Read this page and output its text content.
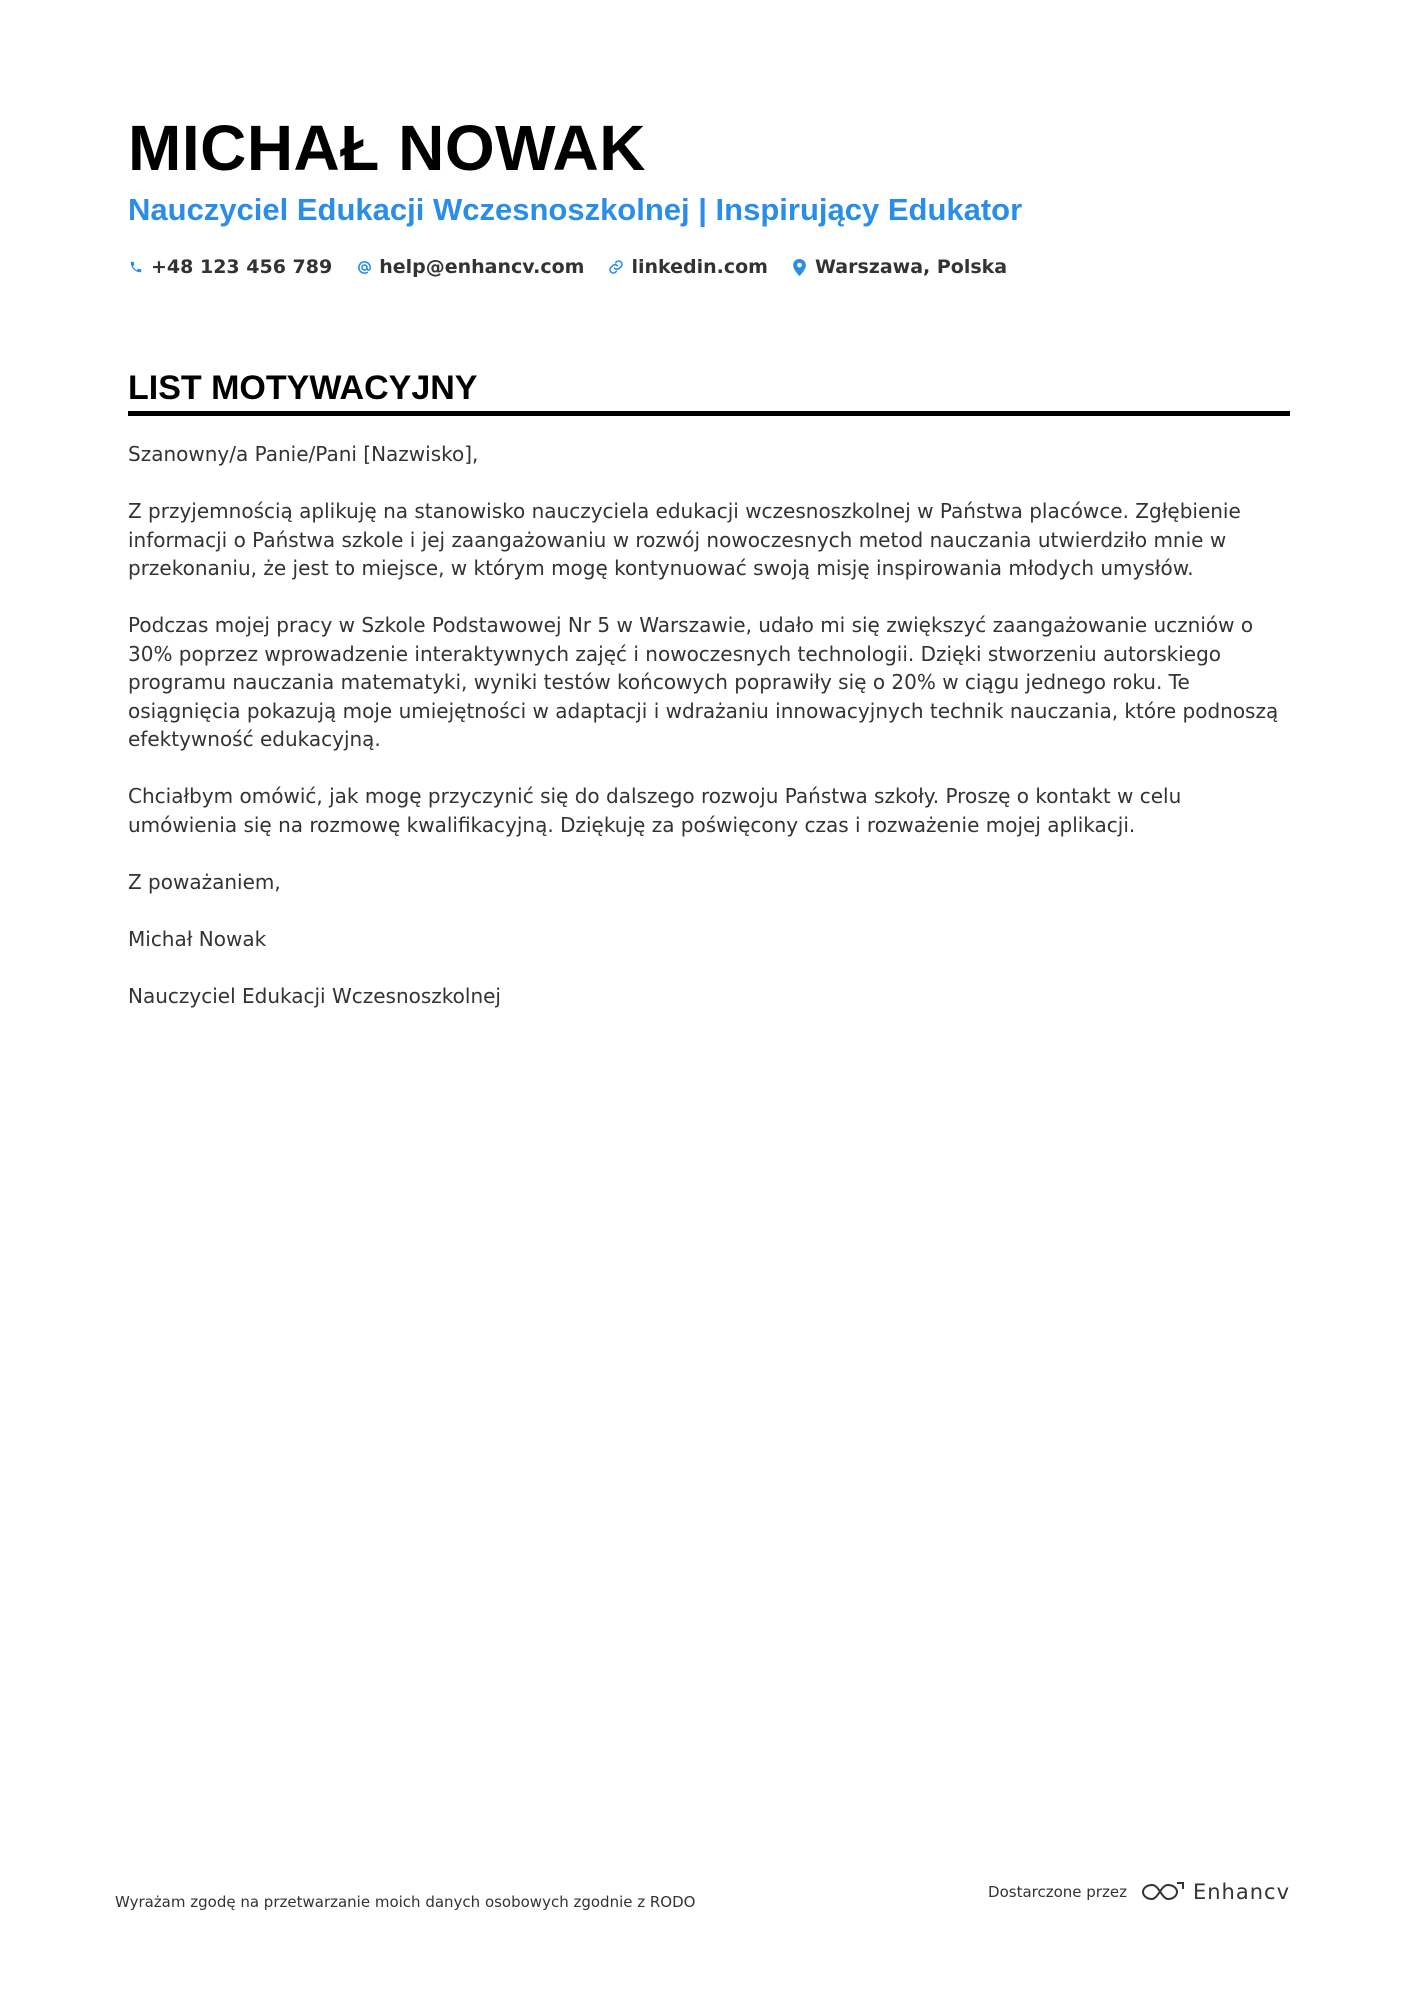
MICHAŁ NOWAK
Nauczyciel Edukacji Wczesnoszkolnej | Inspirujący Edukator
+48 123 456 789 help@enhancv.com linkedin.com Warszawa, Polska
LIST MOTYWACYJNY

Szanowny/a Panie/Pani [Nazwisko],

Z przyjemnością aplikuję na stanowisko nauczyciela edukacji wczesnoszkolnej w Państwa placówce. Zgłębienie informacji o Państwa szkole i jej zaangażowaniu w rozwój nowoczesnych metod nauczania utwierdziło mnie w przekonaniu, że jest to miejsce, w którym mogę kontynuować swoją misję inspirowania młodych umysłów.

Podczas mojej pracy w Szkole Podstawowej Nr 5 w Warszawie, udało mi się zwiększyć zaangażowanie uczniów o 30% poprzez wprowadzenie interaktywnych zajęć i nowoczesnych technologii. Dzięki stworzeniu autorskiego programu nauczania matematyki, wyniki testów końcowych poprawiły się o 20% w ciągu jednego roku. Te osiągnięcia pokazują moje umiejętności w adaptacji i wdrażaniu innowacyjnych technik nauczania, które podnoszą efektywność edukacyjną.

Chciałbym omówić, jak mogę przyczynić się do dalszego rozwoju Państwa szkoły. Proszę o kontakt w celu umówienia się na rozmowę kwalifikacyjną. Dziękuję za poświęcony czas i rozważenie mojej aplikacji.

Z poważaniem,

Michał Nowak

Nauczyciel Edukacji Wczesnoszkolnej

Wyrażam zgodę na przetwarzanie moich danych osobowych zgodnie z RODO
Dostarczone przez	Enhancv
